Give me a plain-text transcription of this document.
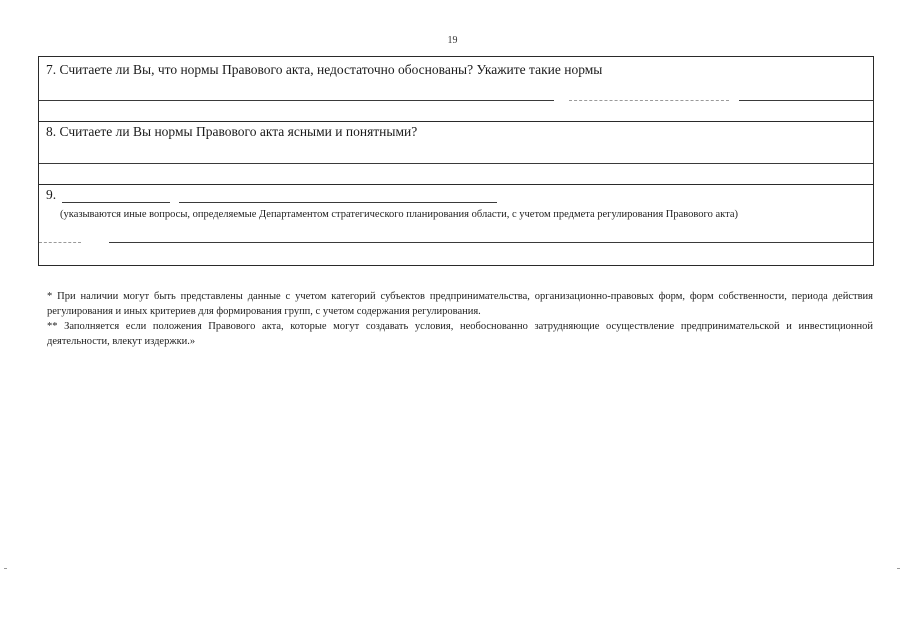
19
7. Считаете ли Вы, что нормы Правового акта, недостаточно обоснованы? Укажите такие нормы
8. Считаете ли Вы нормы Правового акта ясными и понятными?
9.
(указываются иные вопросы, определяемые Департаментом стратегического планирования области, с учетом предмета регулирования Правового акта)

* При наличии могут быть представлены данные с учетом категорий субъектов предпринимательства, организационно-правовых форм, форм собственности, периода действия регулирования и иных критериев для формирования групп, с учетом содержания регулирования.

** Заполняется если положения Правового акта, которые могут создавать условия, необоснованно затрудняющие осуществление предпринимательской и инвестиционной деятельности, влекут издержки.»
